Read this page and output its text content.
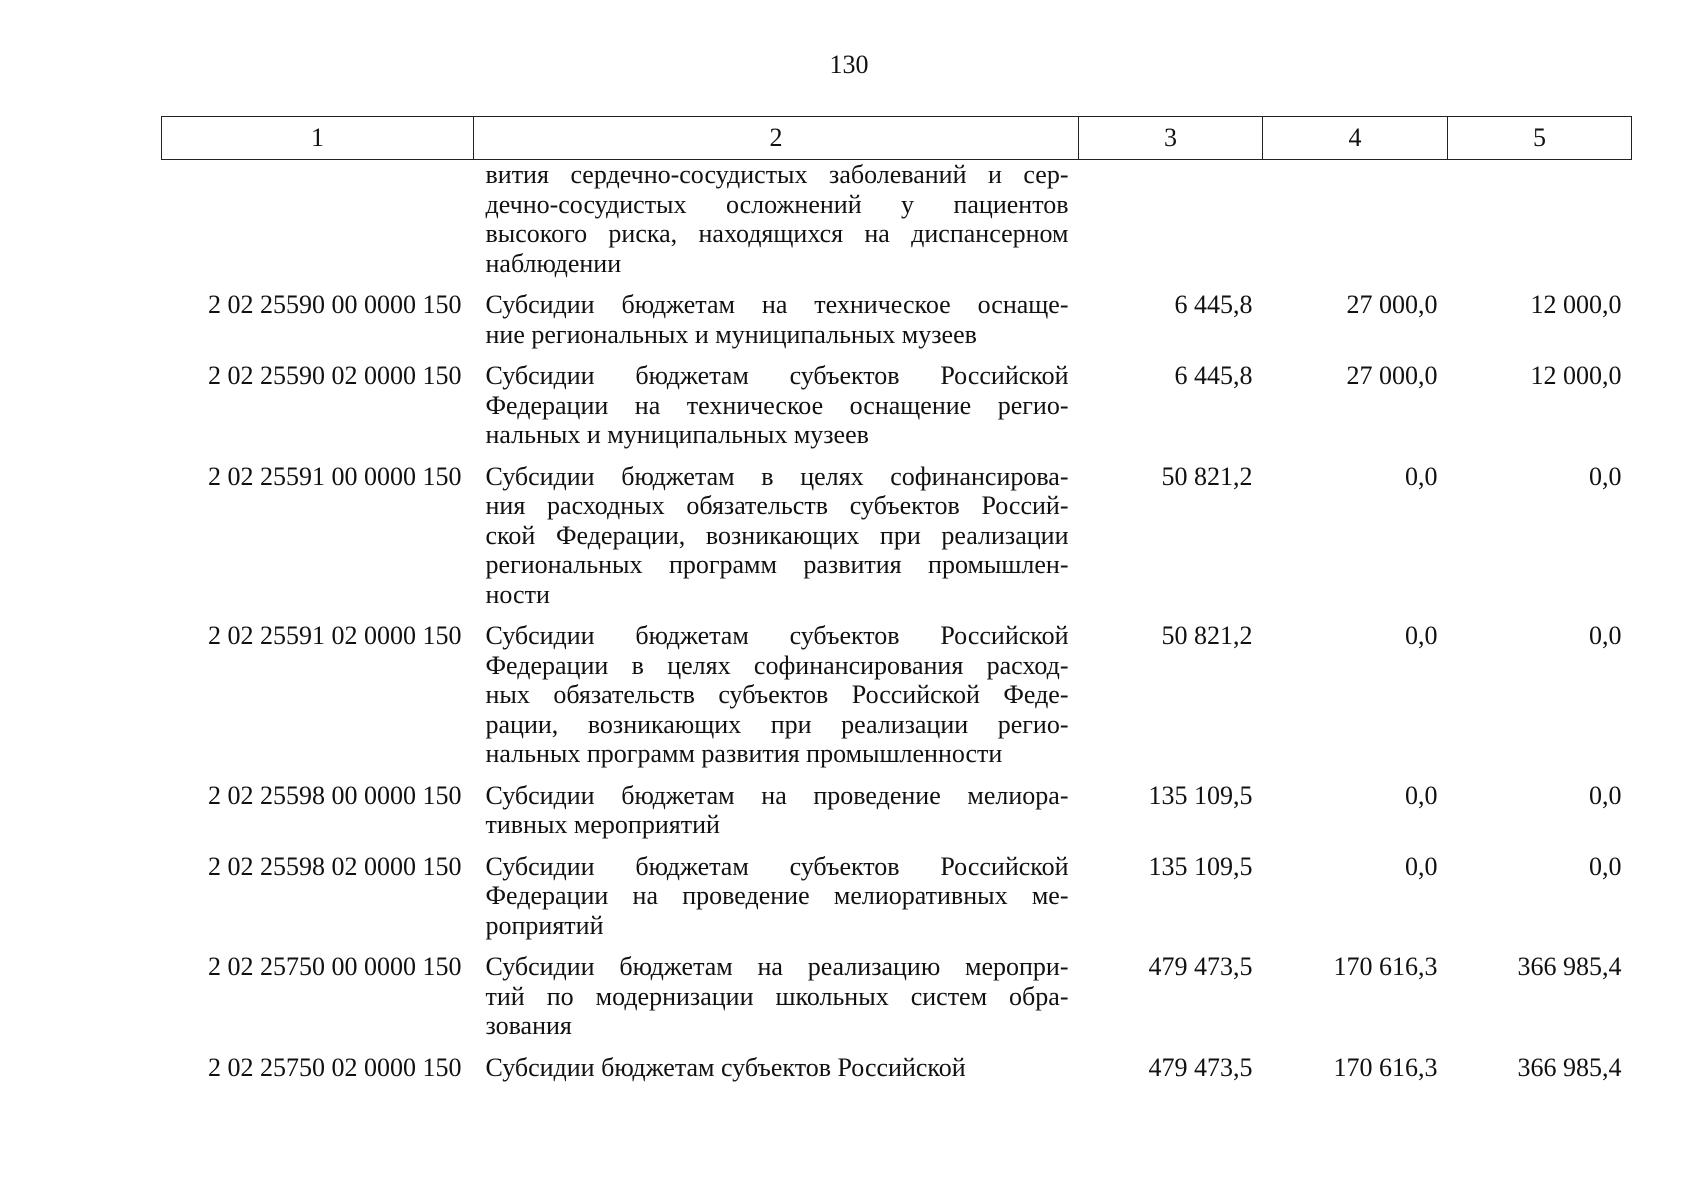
130
1	2	3	4	5

	вития сердечно-сосудистых заболеваний и сер-
дечно-сосудистых осложнений у пациентов
высокого риска, находящихся на диспансерном
наблюдении			

2 02 25590 00 0000 150	Субсидии бюджетам на техническое оснаще-
ние региональных и муниципальных музеев	6 445,8	27 000,0	12 000,0
2 02 25590 02 0000 150	Субсидии бюджетам субъектов Российской
Федерации на техническое оснащение регио-
нальных и муниципальных музеев	6 445,8	27 000,0	12 000,0
2 02 25591 00 0000 150	Субсидии бюджетам в целях софинансирова-
ния расходных обязательств субъектов Россий-
ской Федерации, возникающих при реализации
региональных программ развития промышлен-
ности	50 821,2	0,0	0,0
2 02 25591 02 0000 150	Субсидии бюджетам субъектов Российской
Федерации в целях софинансирования расход-
ных обязательств субъектов Российской Феде-
рации, возникающих при реализации регио-
нальных программ развития промышленности	50 821,2	0,0	0,0
2 02 25598 00 0000 150	Субсидии бюджетам на проведение мелиора-
тивных мероприятий	135 109,5	0,0	0,0
2 02 25598 02 0000 150	Субсидии бюджетам субъектов Российской
Федерации на проведение мелиоративных ме-
роприятий	135 109,5	0,0	0,0
2 02 25750 00 0000 150	Субсидии бюджетам на реализацию меропри-
тий по модернизации школьных систем обра-
зования	479 473,5	170 616,3	366 985,4
2 02 25750 02 0000 150	Субсидии бюджетам субъектов Российской	479 473,5	170 616,3	366 985,4
